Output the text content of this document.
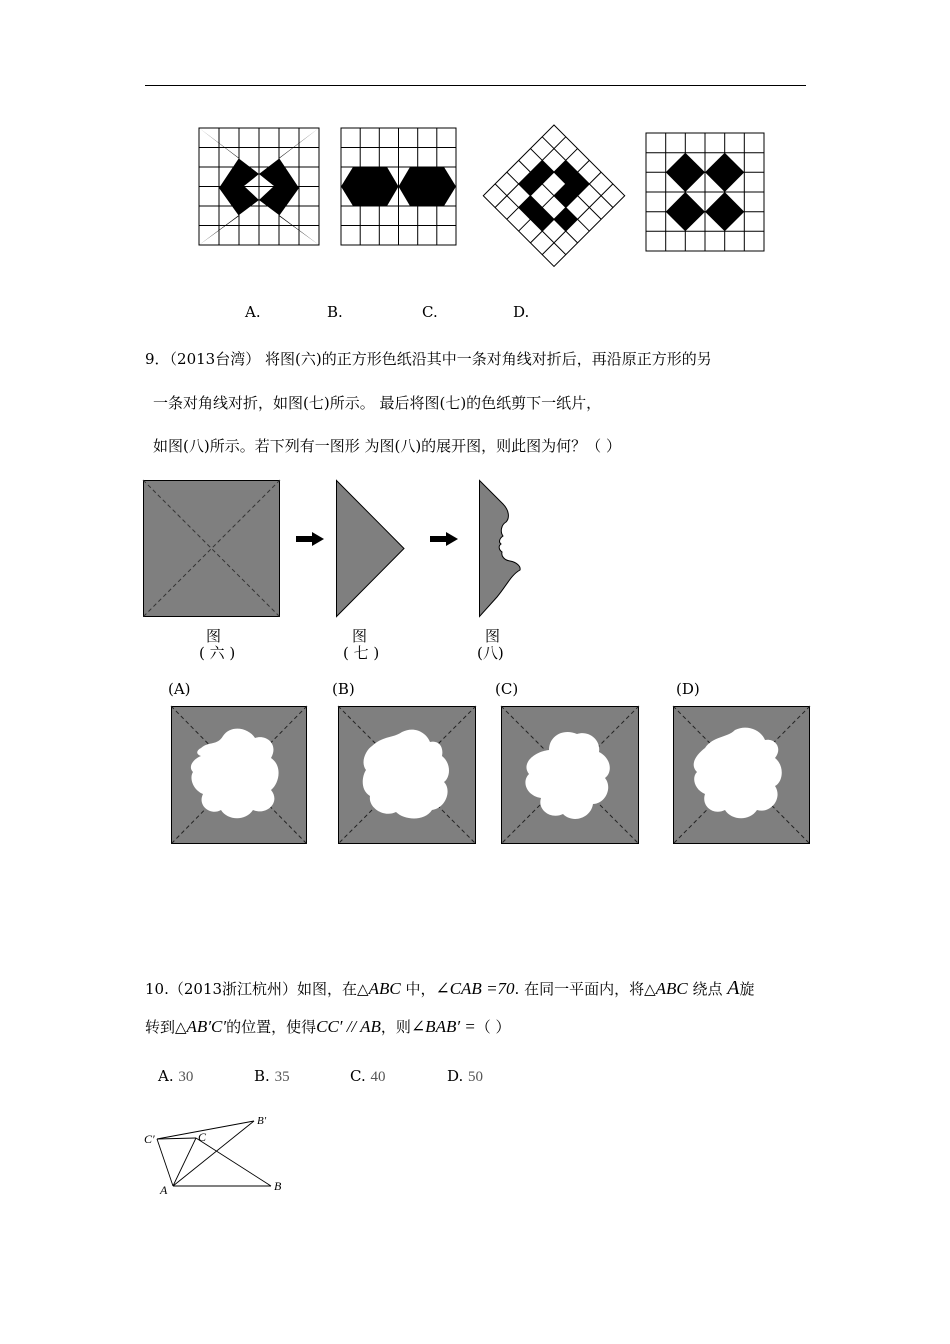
A.	B.	C.	D.
9．（2013台湾） 将图(六)的正方形色纸沿其中一条对角线对折后，再沿原正方形的另
一条对角线对折，如图(七)所示。 最后将图(七)的色纸剪下一纸片，
如图(八)所示。若下列有一图形 为图(八)的展开图，则此图为何？（ ）
图
( 六 )
图
( 七 )
图
(八)
(A)	(B)	(C)	(D)
10.（2013浙江杭州）如图，在△ABC 中，∠CAB =70. 在同一平面内，将△ABC 绕点 A旋
转到△AB′C′的位置，使得CC′ // AB，则∠BAB′ =（ ）
A. 30	B. 35	C. 40	D. 50
C′	C
B′
A	B
